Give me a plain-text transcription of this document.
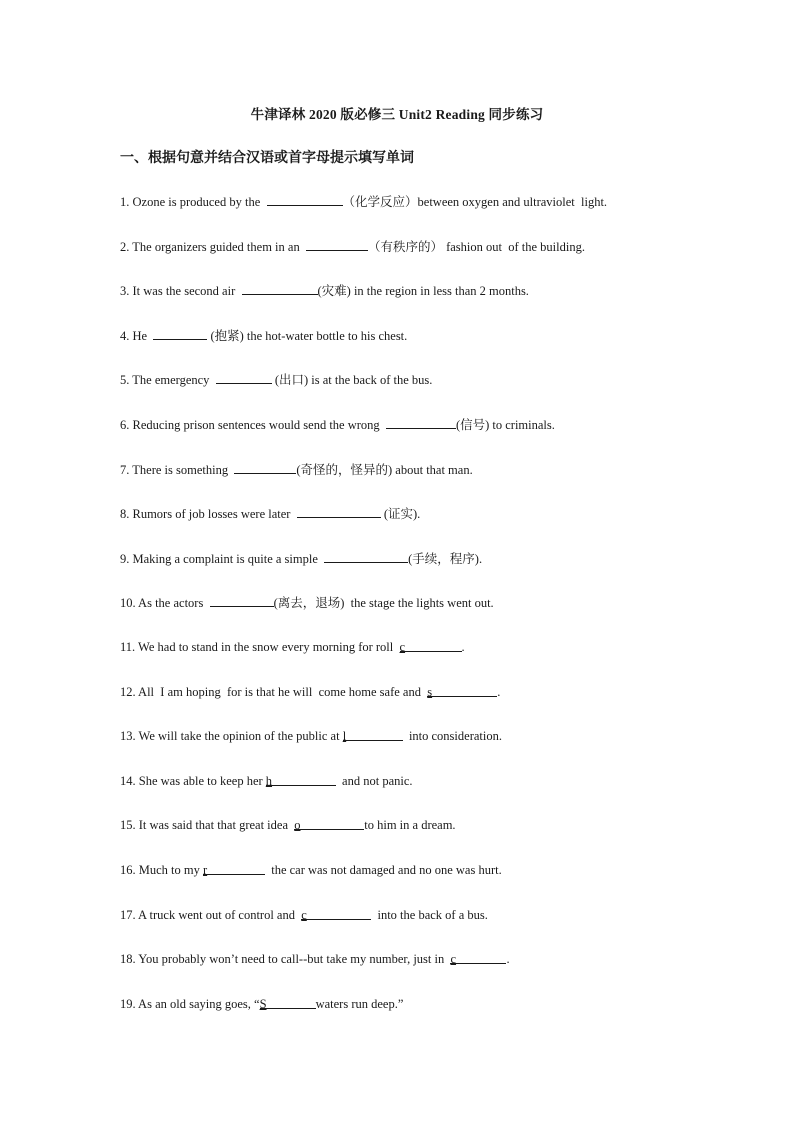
牛津译林 2020 版必修三 Unit2 Reading 同步练习
一、根据句意并结合汉语或首字母提示填写单词
1. Ozone is produced by the	（化学反应）between oxygen and ultraviolet  light.
2. The organizers guided them in an	（有秩序的） fashion out  of the building.
3. It was the second air	(灾难) in the region in less than 2 months.
4. He	(抱紧) the hot-water bottle to his chest.
5. The emergency	(出口) is at the back of the bus.
6. Reducing prison sentences would send the wrong	(信号) to criminals.
7. There is something	(奇怪的，怪异的) about that man.
8. Rumors of job losses were later	(证实).
9. Making a complaint is quite a simple	(手续，程序).
10. As the actors	(离去，退场)  the stage the lights went out.
11. We had to stand in the snow every morning for roll  c	.
12. All  I am hoping  for is that he will  come home safe and  s	.
13. We will take the opinion of the public at l	into consideration.
14. She was able to keep her h	and not panic.
15. It was said that that great idea  o	to him in a dream.
16. Much to my r	the car was not damaged and no one was hurt.
17. A truck went out of control and  c	into the back of a bus.
18. You probably won’t need to call--but take my number, just in  c	.
19. As an old saying goes, “S	waters run deep.”
